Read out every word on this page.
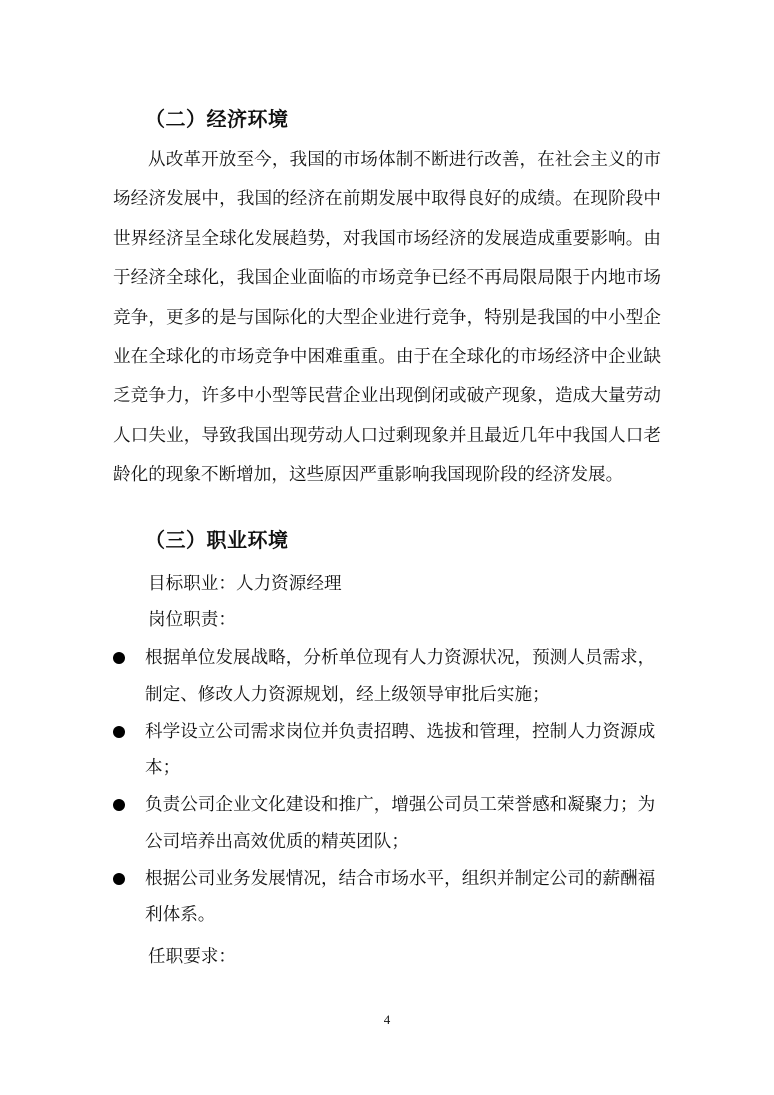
（二）经济环境

从改革开放至今，我国的市场体制不断进行改善，在社会主义的市场经济发展中，我国的经济在前期发展中取得良好的成绩。在现阶段中世界经济呈全球化发展趋势，对我国市场经济的发展造成重要影响。由于经济全球化，我国企业面临的市场竞争已经不再局限局限于内地市场竞争，更多的是与国际化的大型企业进行竞争，特别是我国的中小型企业在全球化的市场竞争中困难重重。由于在全球化的市场经济中企业缺乏竞争力，许多中小型等民营企业出现倒闭或破产现象，造成大量劳动人口失业，导致我国出现劳动人口过剩现象并且最近几年中我国人口老龄化的现象不断增加，这些原因严重影响我国现阶段的经济发展。

（三）职业环境

目标职业：人力资源经理

岗位职责：

根据单位发展战略，分析单位现有人力资源状况，预测人员需求，制定、修改人力资源规划，经上级领导审批后实施；
科学设立公司需求岗位并负责招聘、选拔和管理，控制人力资源成本；
负责公司企业文化建设和推广，增强公司员工荣誉感和凝聚力；为公司培养出高效优质的精英团队；
根据公司业务发展情况，结合市场水平，组织并制定公司的薪酬福利体系。

任职要求：

4
